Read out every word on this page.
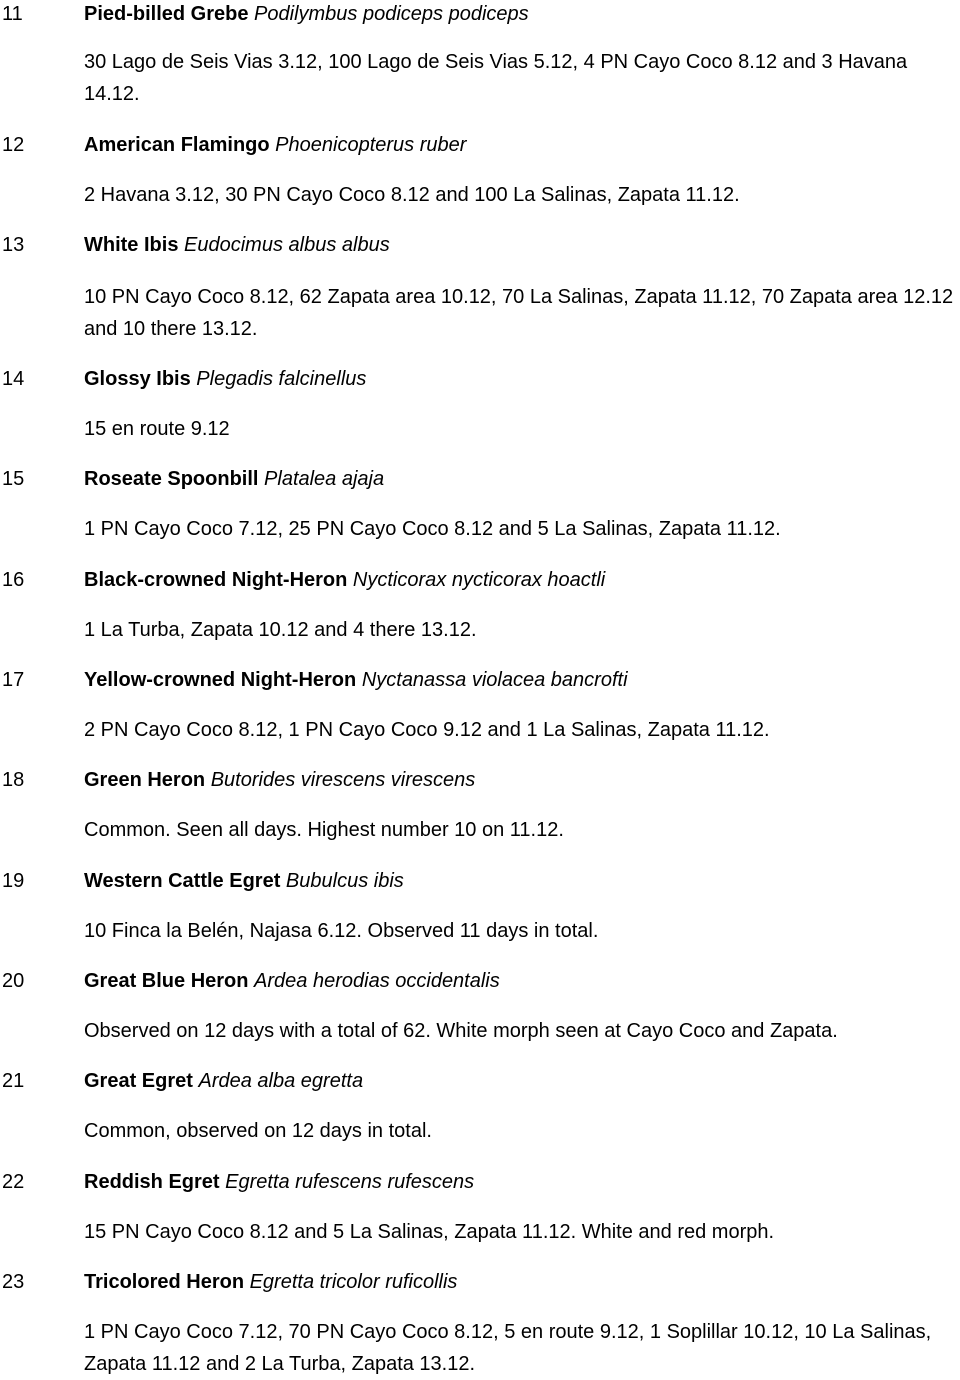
11	Pied-billed Grebe Podilymbus podiceps podiceps
30 Lago de Seis Vias 3.12, 100 Lago de Seis Vias 5.12, 4 PN Cayo Coco 8.12 and 3 Havana 14.12.
12	American Flamingo Phoenicopterus ruber
2 Havana 3.12, 30 PN Cayo Coco 8.12 and 100 La Salinas, Zapata 11.12.
13	White Ibis Eudocimus albus albus
10 PN Cayo Coco 8.12, 62 Zapata area 10.12, 70 La Salinas, Zapata 11.12, 70 Zapata area 12.12 and 10 there 13.12.
14	Glossy Ibis Plegadis falcinellus
15 en route 9.12
15	Roseate Spoonbill Platalea ajaja
1 PN Cayo Coco 7.12, 25 PN Cayo Coco 8.12 and 5 La Salinas, Zapata 11.12.
16	Black-crowned Night-Heron Nycticorax nycticorax hoactli
1 La Turba, Zapata 10.12 and 4 there 13.12.
17	Yellow-crowned Night-Heron Nyctanassa violacea bancrofti
2 PN Cayo Coco 8.12, 1 PN Cayo Coco 9.12 and 1 La Salinas, Zapata 11.12.
18	Green Heron Butorides virescens virescens
Common. Seen all days. Highest number 10 on 11.12.
19	Western Cattle Egret Bubulcus ibis
10 Finca la Belén, Najasa 6.12. Observed 11 days in total.
20	Great Blue Heron Ardea herodias occidentalis
Observed on 12 days with a total of 62. White morph seen at Cayo Coco and Zapata.
21	Great Egret Ardea alba egretta
Common, observed on 12 days in total.
22	Reddish Egret Egretta rufescens rufescens
15 PN Cayo Coco 8.12 and 5 La Salinas, Zapata 11.12. White and red morph.
23	Tricolored Heron Egretta tricolor ruficollis
1 PN Cayo Coco 7.12, 70 PN Cayo Coco 8.12, 5 en route 9.12, 1 Soplillar 10.12, 10 La Salinas, Zapata 11.12 and 2 La Turba, Zapata 13.12.
